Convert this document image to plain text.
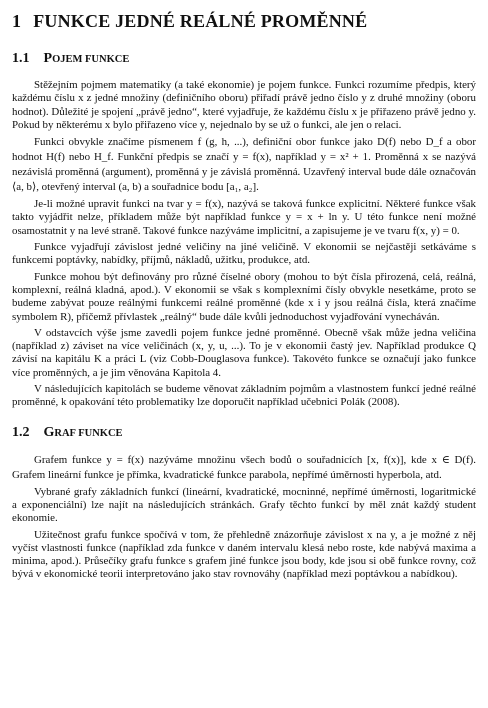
1 FUNKCE JEDNÉ REÁLNÉ PROMĚNNÉ
1.1 POJEM FUNKCE

Stěžejním pojmem matematiky (a také ekonomie) je pojem funkce. Funkci rozumíme předpis, který každému číslu x z jedné množiny (definičního oboru) přiřadí právě jedno číslo y z druhé množiny (oboru hodnot). Důležité je spojení „právě jedno“, které vyjadřuje, že každému číslu x je přiřazeno právě jedno y. Pokud by některému x bylo přiřazeno více y, nejednalo by se už o funkci, ale jen o relaci.

Funkci obvykle značíme písmenem f (g, h, ...), definiční obor funkce jako D(f) nebo D_f a obor hodnot H(f) nebo H_f. Funkční předpis se značí y = f(x), například y = x² + 1. Proměnná x se nazývá nezávislá proměnná (argument), proměnná y je závislá proměnná. Uzavřený interval bude dále označován ⟨a, b⟩, otevřený interval (a, b) a souřadnice bodu [a₁, a₂].

Je-li možné upravit funkci na tvar y = f(x), nazývá se taková funkce explicitní. Některé funkce však takto vyjádřit nelze, příkladem může být například funkce y = x + ln y. U této funkce není možné osamostatnit y na levé straně. Takové funkce nazýváme implicitní, a zapisujeme je ve tvaru f(x, y) = 0.

Funkce vyjadřují závislost jedné veličiny na jiné veličině. V ekonomii se nejčastěji setkáváme s funkcemi poptávky, nabídky, příjmů, nákladů, užitku, produkce, atd.

Funkce mohou být definovány pro různé číselné obory (mohou to být čísla přirozená, celá, reálná, komplexní, reálná kladná, apod.). V ekonomii se však s komplexními čísly obvykle nesetkáme, proto se budeme zabývat pouze reálnými funkcemi reálné proměnné (kde x i y jsou reálná čísla, která značíme symbolem R), přičemž přívlastek „reálný“ bude dále kvůli jednoduchost vyjadřování vynecháván.

V odstavcích výše jsme zavedli pojem funkce jedné proměnné. Obecně však může jedna veličina (například z) záviset na více veličinách (x, y, u, ...). To je v ekonomii častý jev. Například produkce Q závisí na kapitálu K a práci L (viz Cobb-Douglasova funkce). Takovéto funkce se označují jako funkce více proměnných, a je jim věnována Kapitola 4.

V následujících kapitolách se budeme věnovat základním pojmům a vlastnostem funkcí jedné reálné proměnné, k opakování této problematiky lze doporučit například učebnici Polák (2008).

1.2 GRAF FUNKCE

Grafem funkce y = f(x) nazýváme množinu všech bodů o souřadnicích [x, f(x)], kde x ∈ D(f). Grafem lineární funkce je přímka, kvadratické funkce parabola, nepřímé úměrnosti hyperbola, atd.

Vybrané grafy základních funkcí (lineární, kvadratické, mocninné, nepřímé úměrnosti, logaritmické a exponenciální) lze najít na následujících stránkách. Grafy těchto funkcí by měl znát každý student ekonomie.

Užitečnost grafu funkce spočívá v tom, že přehledně znázorňuje závislost x na y, a je možné z něj vyčíst vlastnosti funkce (například zda funkce v daném intervalu klesá nebo roste, kde nabývá maxima a minima, apod.). Průsečíky grafu funkce s grafem jiné funkce jsou body, kde jsou si obě funkce rovny, což bývá v ekonomické teorii interpretováno jako stav rovnováhy (například mezi poptávkou a nabídkou).
